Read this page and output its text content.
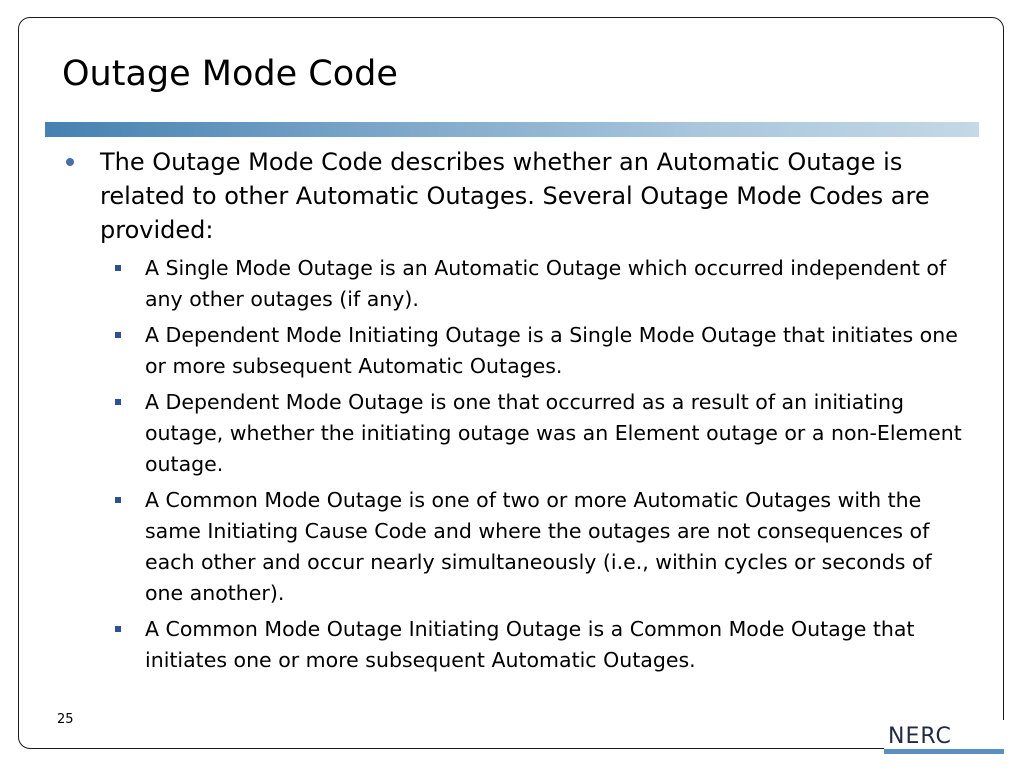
Outage Mode Code
The Outage Mode Code describes whether an Automatic Outage is related to other Automatic Outages. Several Outage Mode Codes are provided:
A Single Mode Outage is an Automatic Outage which occurred independent of any other outages (if any).
A Dependent Mode Initiating Outage is a Single Mode Outage that initiates one or more subsequent Automatic Outages.
A Dependent Mode Outage is one that occurred as a result of an initiating outage, whether the initiating outage was an Element outage or a non-Element outage.
A Common Mode Outage is one of two or more Automatic Outages with the same Initiating Cause Code and where the outages are not consequences of each other and occur nearly simultaneously (i.e., within cycles or seconds of one another).
A Common Mode Outage Initiating Outage is a Common Mode Outage that initiates one or more subsequent Automatic Outages.
25
NERC
